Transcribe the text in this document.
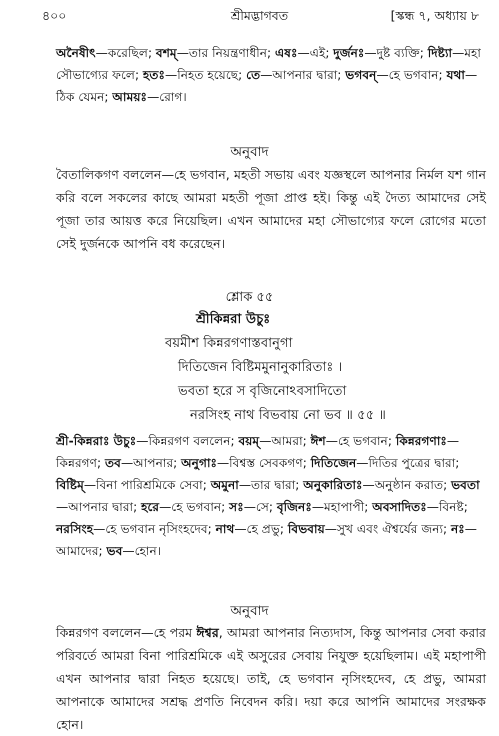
৪০০	শ্রীমদ্ভাগবত	[স্কন্ধ ৭, অধ্যায় ৮
অনৈষীৎ—করেছিল; বশম্—তার নিয়ন্ত্রণাধীন; এষঃ—এই; দুর্জনঃ—দুষ্ট ব্যক্তি; দিষ্ট্যা—মহা সৌভাগ্যের ফলে; হতঃ—নিহত হয়েছে; তে—আপনার দ্বারা; ভগবন্—হে ভগবান; যথা—ঠিক যেমন; আময়ঃ—রোগ।
অনুবাদ
বৈতালিকগণ বললেন—হে ভগবান, মহতী সভায় এবং যজ্ঞস্থলে আপনার নির্মল যশ গান করি বলে সকলের কাছে আমরা মহতী পূজা প্রাপ্ত হই। কিন্তু এই দৈত্য আমাদের সেই পূজা তার আয়ত্ত করে নিয়েছিল। এখন আমাদের মহা সৌভাগ্যের ফলে রোগের মতো সেই দুর্জনকে আপনি বধ করেছেন।
শ্লোক ৫৫
শ্রীকিন্নরা উচুঃ
বয়মীশ কিন্নরগণাস্তবানুগা
দিতিজেন বিষ্টিমমুনানুকারিতাঃ ।
ভবতা হরে স বৃজিনোঽবসাদিতো
নরসিংহ নাথ বিভবায় নো ভব ॥ ৫৫ ॥
শ্রী-কিন্নরাঃ উচুঃ—কিন্নরগণ বললেন; বয়ম্—আমরা; ঈশ—হে ভগবান; কিন্নরগণাঃ—কিন্নরগণ; তব—আপনার; অনুগাঃ—বিশ্বস্ত সেবকগণ; দিতিজেন—দিতির পুত্রের দ্বারা; বিষ্টিম্—বিনা পারিশ্রমিকে সেবা; অমুনা—তার দ্বারা; অনুকারিতাঃ—অনুষ্ঠান করাত; ভবতা—আপনার দ্বারা; হরে—হে ভগবান; সঃ—সে; বৃজিনঃ—মহাপাপী; অবসাদিতঃ—বিনষ্ট; নরসিংহ—হে ভগবান নৃসিংহদেব; নাথ—হে প্রভু; বিভবায়—সুখ এবং ঐশ্বর্যের জন্য; নঃ—আমাদের; ভব—হোন।
অনুবাদ
কিন্নরগণ বললেন—হে পরম ঈশ্বর, আমরা আপনার নিত্যদাস, কিন্তু আপনার সেবা করার পরিবর্তে আমরা বিনা পারিশ্রমিকে এই অসুরের সেবায় নিযুক্ত হয়েছিলাম। এই মহাপাপী এখন আপনার দ্বারা নিহত হয়েছে। তাই, হে ভগবান নৃসিংহদেব, হে প্রভু, আমরা আপনাকে আমাদের সশ্রদ্ধ প্রণতি নিবেদন করি। দয়া করে আপনি আমাদের সংরক্ষক হোন।
